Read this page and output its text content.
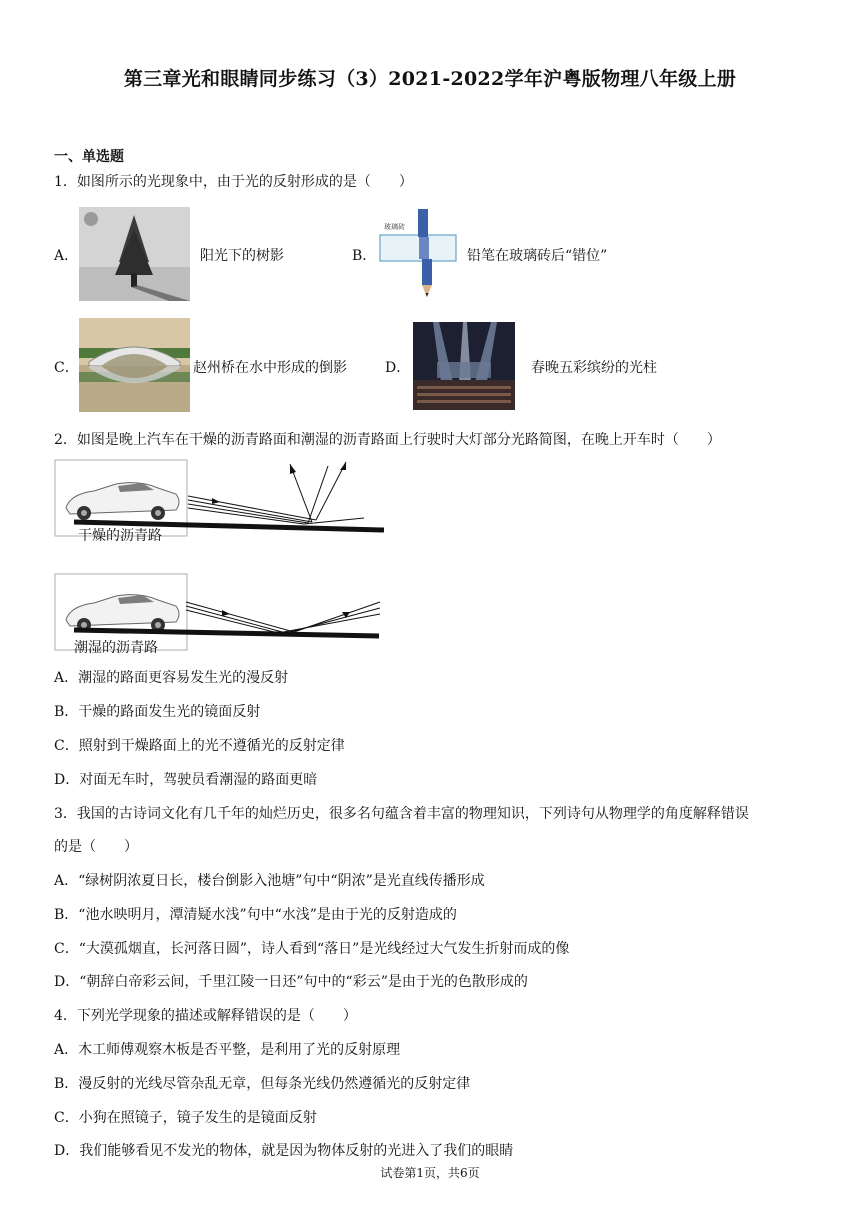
第三章光和眼睛同步练习（3）2021-2022学年沪粤版物理八年级上册
一、单选题
1．如图所示的光现象中，由于光的反射形成的是（　　）
A．	阳光下的树影	B．
玻璃砖
铅笔在玻璃砖后“错位”
C．	赵州桥在水中形成的倒影	D．	春晚五彩缤纷的光柱
2．如图是晚上汽车在干燥的沥青路面和潮湿的沥青路面上行驶时大灯部分光路简图，在晚上开车时（　　）
干燥的沥青路
潮湿的沥青路
A．潮湿的路面更容易发生光的漫反射
B．干燥的路面发生光的镜面反射
C．照射到干燥路面上的光不遵循光的反射定律
D．对面无车时，驾驶员看潮湿的路面更暗
3．我国的古诗词文化有几千年的灿烂历史，很多名句蕴含着丰富的物理知识，下列诗句从物理学的角度解释错误
的是（　　）
A．“绿树阴浓夏日长，楼台倒影入池塘”句中“阴浓”是光直线传播形成
B．“池水映明月，潭清疑水浅”句中“水浅”是由于光的反射造成的
C．“大漠孤烟直，长河落日圆”，诗人看到“落日”是光线经过大气发生折射而成的像
D．“朝辞白帝彩云间，千里江陵一日还”句中的“彩云”是由于光的色散形成的
4．下列光学现象的描述或解释错误的是（　　）
A．木工师傅观察木板是否平整，是利用了光的反射原理
B．漫反射的光线尽管杂乱无章，但每条光线仍然遵循光的反射定律
C．小狗在照镜子，镜子发生的是镜面反射
D．我们能够看见不发光的物体，就是因为物体反射的光进入了我们的眼睛
试卷第1页，共6页
